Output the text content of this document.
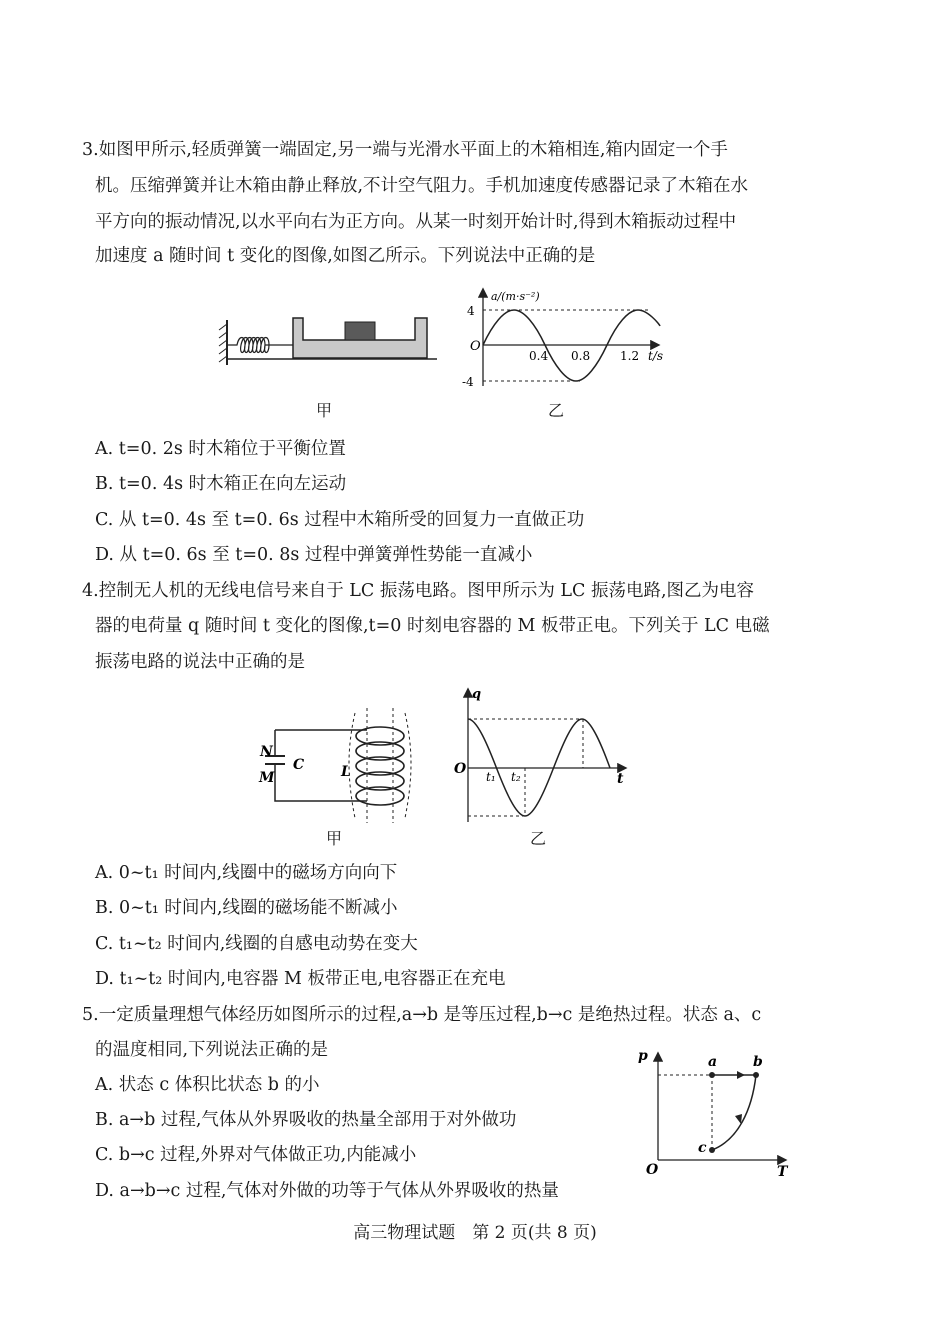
3.如图甲所示,轻质弹簧一端固定,另一端与光滑水平面上的木箱相连,箱内固定一个手
机。压缩弹簧并让木箱由静止释放,不计空气阻力。手机加速度传感器记录了木箱在水
平方向的振动情况,以水平向右为正方向。从某一时刻开始计时,得到木箱振动过程中
加速度 a 随时间 t 变化的图像,如图乙所示。下列说法中正确的是
甲
4
-4
O
a/(m·s⁻²)
0.4 0.8 1.2 t/s
乙
A. t=0. 2s 时木箱位于平衡位置
B. t=0. 4s 时木箱正在向左运动
C. 从 t=0. 4s 至 t=0. 6s 过程中木箱所受的回复力一直做正功
D. 从 t=0. 6s 至 t=0. 8s 过程中弹簧弹性势能一直减小
4.控制无人机的无线电信号来自于 LC 振荡电路。图甲所示为 LC 振荡电路,图乙为电容
器的电荷量 q 随时间 t 变化的图像,t=0 时刻电容器的 M 板带正电。下列关于 LC 电磁
振荡电路的说法中正确的是
N
M
C	L
甲
q
O t₁ t₂	t
乙
A. 0~t₁ 时间内,线圈中的磁场方向向下
B. 0~t₁ 时间内,线圈的磁场能不断减小
C. t₁~t₂ 时间内,线圈的自感电动势在变大
D. t₁~t₂ 时间内,电容器 M 板带正电,电容器正在充电
5.一定质量理想气体经历如图所示的过程,a→b 是等压过程,b→c 是绝热过程。状态 a、c
的温度相同,下列说法正确的是
A. 状态 c 体积比状态 b 的小
B. a→b 过程,气体从外界吸收的热量全部用于对外做功
C. b→c 过程,外界对气体做正功,内能减小
D. a→b→c 过程,气体对外做的功等于气体从外界吸收的热量
p
T
O
a	b
c
高三物理试题　第 2 页(共 8 页)
